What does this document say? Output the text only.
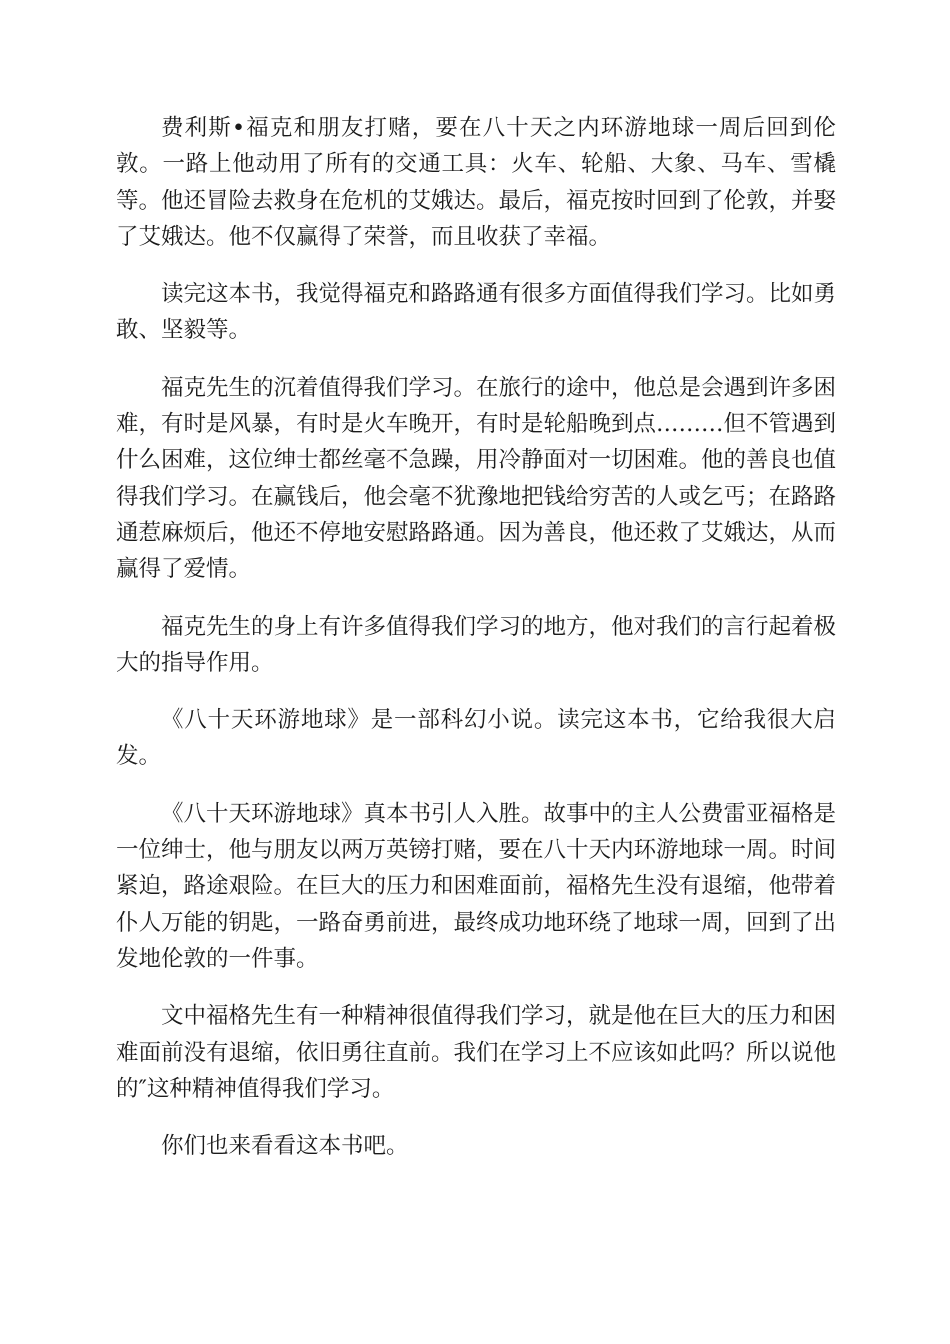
费利斯•福克和朋友打赌，要在八十天之内环游地球一周后回到伦敦。一路上他动用了所有的交通工具：火车、轮船、大象、马车、雪橇等。他还冒险去救身在危机的艾娥达。最后，福克按时回到了伦敦，并娶了艾娥达。他不仅赢得了荣誉，而且收获了幸福。

读完这本书，我觉得福克和路路通有很多方面值得我们学习。比如勇敢、坚毅等。

福克先生的沉着值得我们学习。在旅行的途中，他总是会遇到许多困难，有时是风暴，有时是火车晚开，有时是轮船晚到点………但不管遇到什么困难，这位绅士都丝毫不急躁，用冷静面对一切困难。他的善良也值得我们学习。在赢钱后，他会毫不犹豫地把钱给穷苦的人或乞丐；在路路通惹麻烦后，他还不停地安慰路路通。因为善良，他还救了艾娥达，从而赢得了爱情。

福克先生的身上有许多值得我们学习的地方，他对我们的言行起着极大的指导作用。

《八十天环游地球》是一部科幻小说。读完这本书，它给我很大启发。

《八十天环游地球》真本书引人入胜。故事中的主人公费雷亚福格是一位绅士，他与朋友以两万英镑打赌，要在八十天内环游地球一周。时间紧迫，路途艰险。在巨大的压力和困难面前，福格先生没有退缩，他带着仆人万能的钥匙，一路奋勇前进，最终成功地环绕了地球一周，回到了出发地伦敦的一件事。

文中福格先生有一种精神很值得我们学习，就是他在巨大的压力和困难面前没有退缩，依旧勇往直前。我们在学习上不应该如此吗？所以说他的″这种精神值得我们学习。

你们也来看看这本书吧。
